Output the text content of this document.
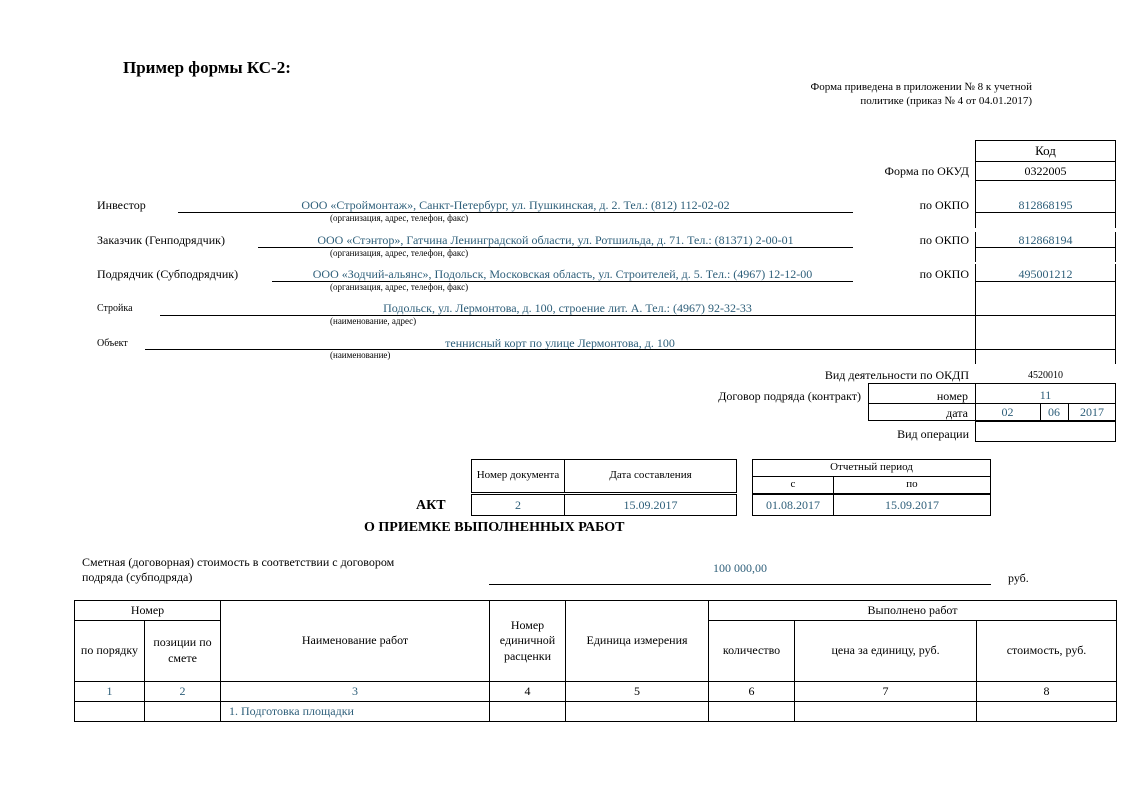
Пример формы КС-2:
Форма приведена в приложении № 8 к учетной
политике (приказ № 4 от 04.01.2017)
Код
0322005
Форма по ОКУД
Инвестор	ООО «Строймонтаж», Санкт-Петербург, ул. Пушкинская, д. 2. Тел.: (812) 112-02-02
(организация, адрес, телефон, факс)
по ОКПО	812868195
Заказчик (Генподрядчик)	ООО «Стэнтор», Гатчина Ленинградской области, ул. Ротшильда, д. 71. Тел.: (81371) 2-00-01
(организация, адрес, телефон, факс)
по ОКПО	812868194
Подрядчик (Субподрядчик)	ООО «Зодчий-альянс», Подольск, Московская область, ул. Строителей, д. 5. Тел.: (4967) 12-12-00
(организация, адрес, телефон, факс)
по ОКПО	495001212
Стройка	Подольск, ул. Лермонтова, д. 100, строение лит. А. Тел.: (4967) 92-32-33
(наименование, адрес)
Объект	теннисный корт по улице Лермонтова, д. 100
(наименование)
Вид деятельности по ОКДП	4520010
Договор подряда (контракт)	номер	11
дата	02	06	2017
Вид операции
Номер документа	Дата составления
Отчетный период
с	по
АКТ	2	15.09.2017	01.08.2017	15.09.2017
О ПРИЕМКЕ ВЫПОЛНЕННЫХ РАБОТ
Сметная (договорная) стоимость в соответствии с договором
подряда (субподряда)
100 000,00
руб.
Номер		Наименование работ	Номер единичной расценки	Единица измерения	Выполнено работ		
по порядку	позиции по смете				количество	цена за единицу, руб.	стоимость, руб.
1	2	3	4	5	6	7	8
		1. Подготовка площадки					
